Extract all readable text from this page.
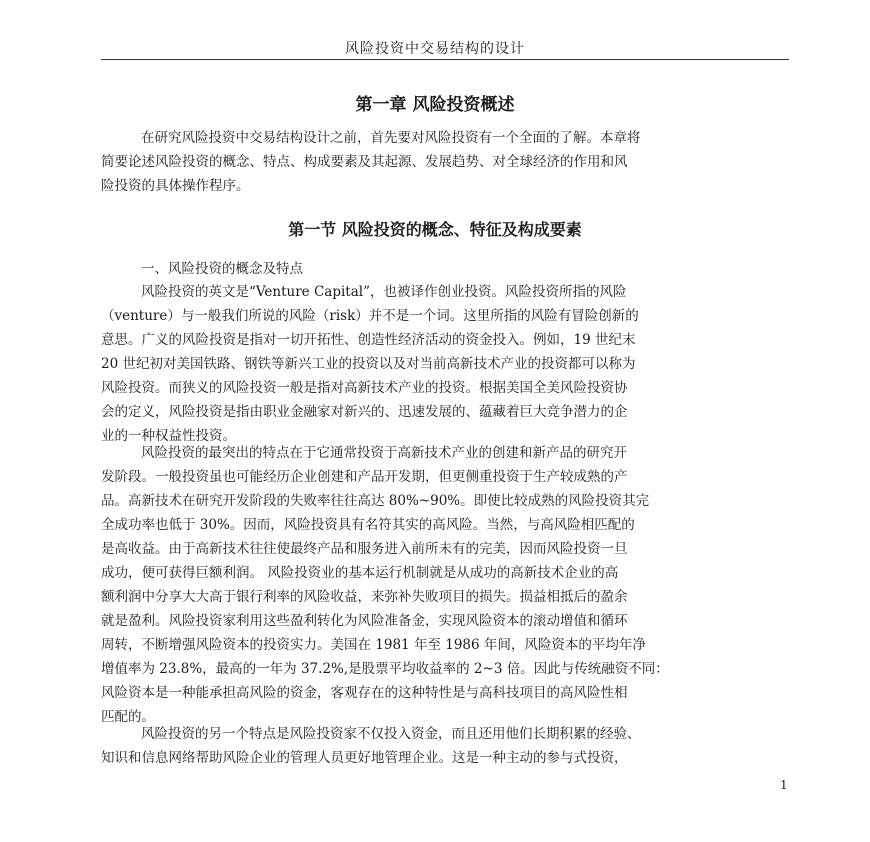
风险投资中交易结构的设计
第一章 风险投资概述

在研究风险投资中交易结构设计之前，首先要对风险投资有一个全面的了解。本章将

简要论述风险投资的概念、特点、构成要素及其起源、发展趋势、对全球经济的作用和风

险投资的具体操作程序。

第一节 风险投资的概念、特征及构成要素

一、风险投资的概念及特点

风险投资的英文是“Venture Capital”，也被译作创业投资。风险投资所指的风险

（venture）与一般我们所说的风险（risk）并不是一个词。这里所指的风险有冒险创新的

意思。广义的风险投资是指对一切开拓性、创造性经济活动的资金投入。例如，19 世纪末

20 世纪初对美国铁路、钢铁等新兴工业的投资以及对当前高新技术产业的投资都可以称为

风险投资。而狭义的风险投资一般是指对高新技术产业的投资。根据美国全美风险投资协

会的定义，风险投资是指由职业金融家对新兴的、迅速发展的、蕴藏着巨大竞争潜力的企

业的一种权益性投资。

风险投资的最突出的特点在于它通常投资于高新技术产业的创建和新产品的研究开

发阶段。一般投资虽也可能经历企业创建和产品开发期，但更侧重投资于生产较成熟的产

品。高新技术在研究开发阶段的失败率往往高达 80%~90%。即使比较成熟的风险投资其完

全成功率也低于 30%。因而，风险投资具有名符其实的高风险。当然，与高风险相匹配的

是高收益。由于高新技术往往使最终产品和服务进入前所未有的完美，因而风险投资一旦

成功，便可获得巨额利润。 风险投资业的基本运行机制就是从成功的高新技术企业的高

额利润中分享大大高于银行利率的风险收益，来弥补失败项目的损失。损益相抵后的盈余

就是盈利。风险投资家利用这些盈利转化为风险准备金，实现风险资本的滚动增值和循环

周转，不断增强风险资本的投资实力。美国在 1981 年至 1986 年间，风险资本的平均年净

增值率为 23.8%，最高的一年为 37.2%,是股票平均收益率的 2~3 倍。因此与传统融资不同：

风险资本是一种能承担高风险的资金，客观存在的这种特性是与高科技项目的高风险性相

匹配的。

风险投资的另一个特点是风险投资家不仅投入资金，而且还用他们长期积累的经验、

知识和信息网络帮助风险企业的管理人员更好地管理企业。这是一种主动的参与式投资，

1
